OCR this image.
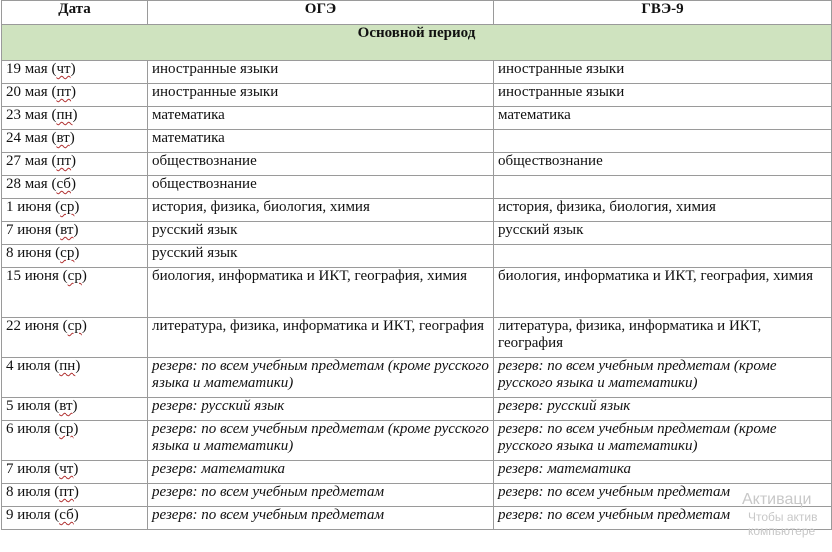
Дата	ОГЭ	ГВЭ-9
Основной период		
19 мая (чт)	иностранные языки	иностранные языки
20 мая (пт)	иностранные языки	иностранные языки
23 мая (пн)	математика	математика
24 мая (вт)	математика	
27 мая (пт)	обществознание	обществознание
28 мая (сб)	обществознание	
1 июня (ср)	история, физика, биология, химия	история, физика, биология, химия
7 июня (вт)	русский язык	русский язык
8 июня (ср)	русский язык	
15 июня (ср)	биология, информатика и ИКТ, география, химия	биология, информатика и ИКТ, география, химия
22 июня (ср)	литература, физика, информатика и ИКТ, география	литература, физика, информатика и ИКТ, география
4 июля (пн)	резерв: по всем учебным предметам (кроме русского языка и математики)	резерв: по всем учебным предметам (кроме русского языка и математики)
5 июля (вт)	резерв: русский язык	резерв: русский язык
6 июля (ср)	резерв: по всем учебным предметам (кроме русского языка и математики)	резерв: по всем учебным предметам (кроме русского языка и математики)
7 июля (чт)	резерв: математика	резерв: математика
8 июля (пт)	резерв: по всем учебным предметам	резерв: по всем учебным предметам
9 июля (сб)	резерв: по всем учебным предметам	резерв: по всем учебным предметам
Активаци
Чтобы актив
компьютере
